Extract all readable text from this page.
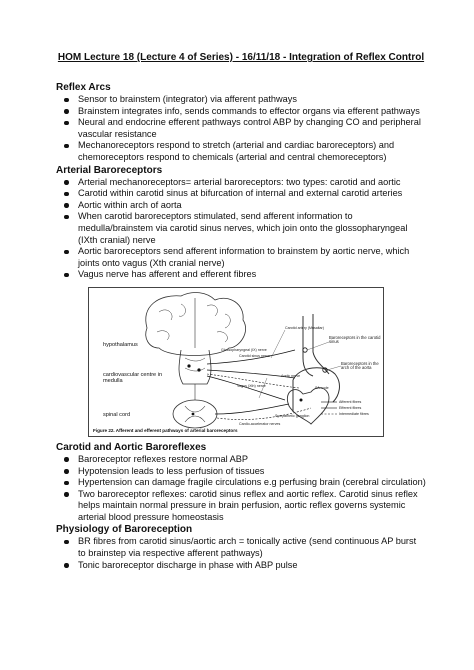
HOM Lecture 18 (Lecture 4 of Series) - 16/11/18 - Integration of Reflex Control
Reflex Arcs
Sensor to brainstem (integrator) via afferent pathways
Brainstem integrates info, sends commands to effector organs via efferent pathways
Neural and endocrine efferent pathways control ABP by changing CO and peripheral vascular resistance
Mechanoreceptors respond to stretch (arterial and cardiac baroreceptors) and chemoreceptors respond to chemicals (arterial and central chemoreceptors)
Arterial Baroreceptors
Arterial mechanoreceptors= arterial baroreceptors: two types: carotid and aortic
Carotid within carotid sinus at bifurcation of internal and external carotid arteries
Aortic within arch of aorta
When carotid baroreceptors stimulated, send afferent information to medulla/brainstem via carotid sinus nerves, which join onto the glossopharyngeal (IXth cranial) nerve
Aortic baroreceptors send afferent information to brainstem by aortic nerve, which joints onto vagus (Xth cranial nerve)
Vagus nerve has afferent and efferent fibres
hypothalamus
cardiovascular centre in medulla
spinal cord
Carotid artery (Musaltar)
Baroreceptors in the carotid sinus
Baroreceptors in the arch of the aorta
Carotid sinus nerve
Glossopharyngeal (IX) nerve
Vagus (Xth) nerve
Aortic nerve
SA node
Sympathetic ganglion
Cardio-accelerator nerves
Afferent fibres
Efferent fibres
Intermediate fibres
Figure 22. Afferent and efferent pathways of arterial baroreceptors
Carotid and Aortic Baroreflexes
Baroreceptor reflexes restore normal ABP
Hypotension leads to less perfusion of tissues
Hypertension can damage fragile circulations e.g perfusing brain (cerebral circulation)
Two baroreceptor reflexes: carotid sinus reflex and aortic reflex. Carotid sinus reflex helps maintain normal pressure in brain perfusion, aortic reflex governs systemic arterial blood pressure homeostasis
Physiology of Baroreception
BR fibres from carotid sinus/aortic arch = tonically active (send continuous AP burst to brainstep via respective afferent pathways)
Tonic baroreceptor discharge in phase with ABP pulse
